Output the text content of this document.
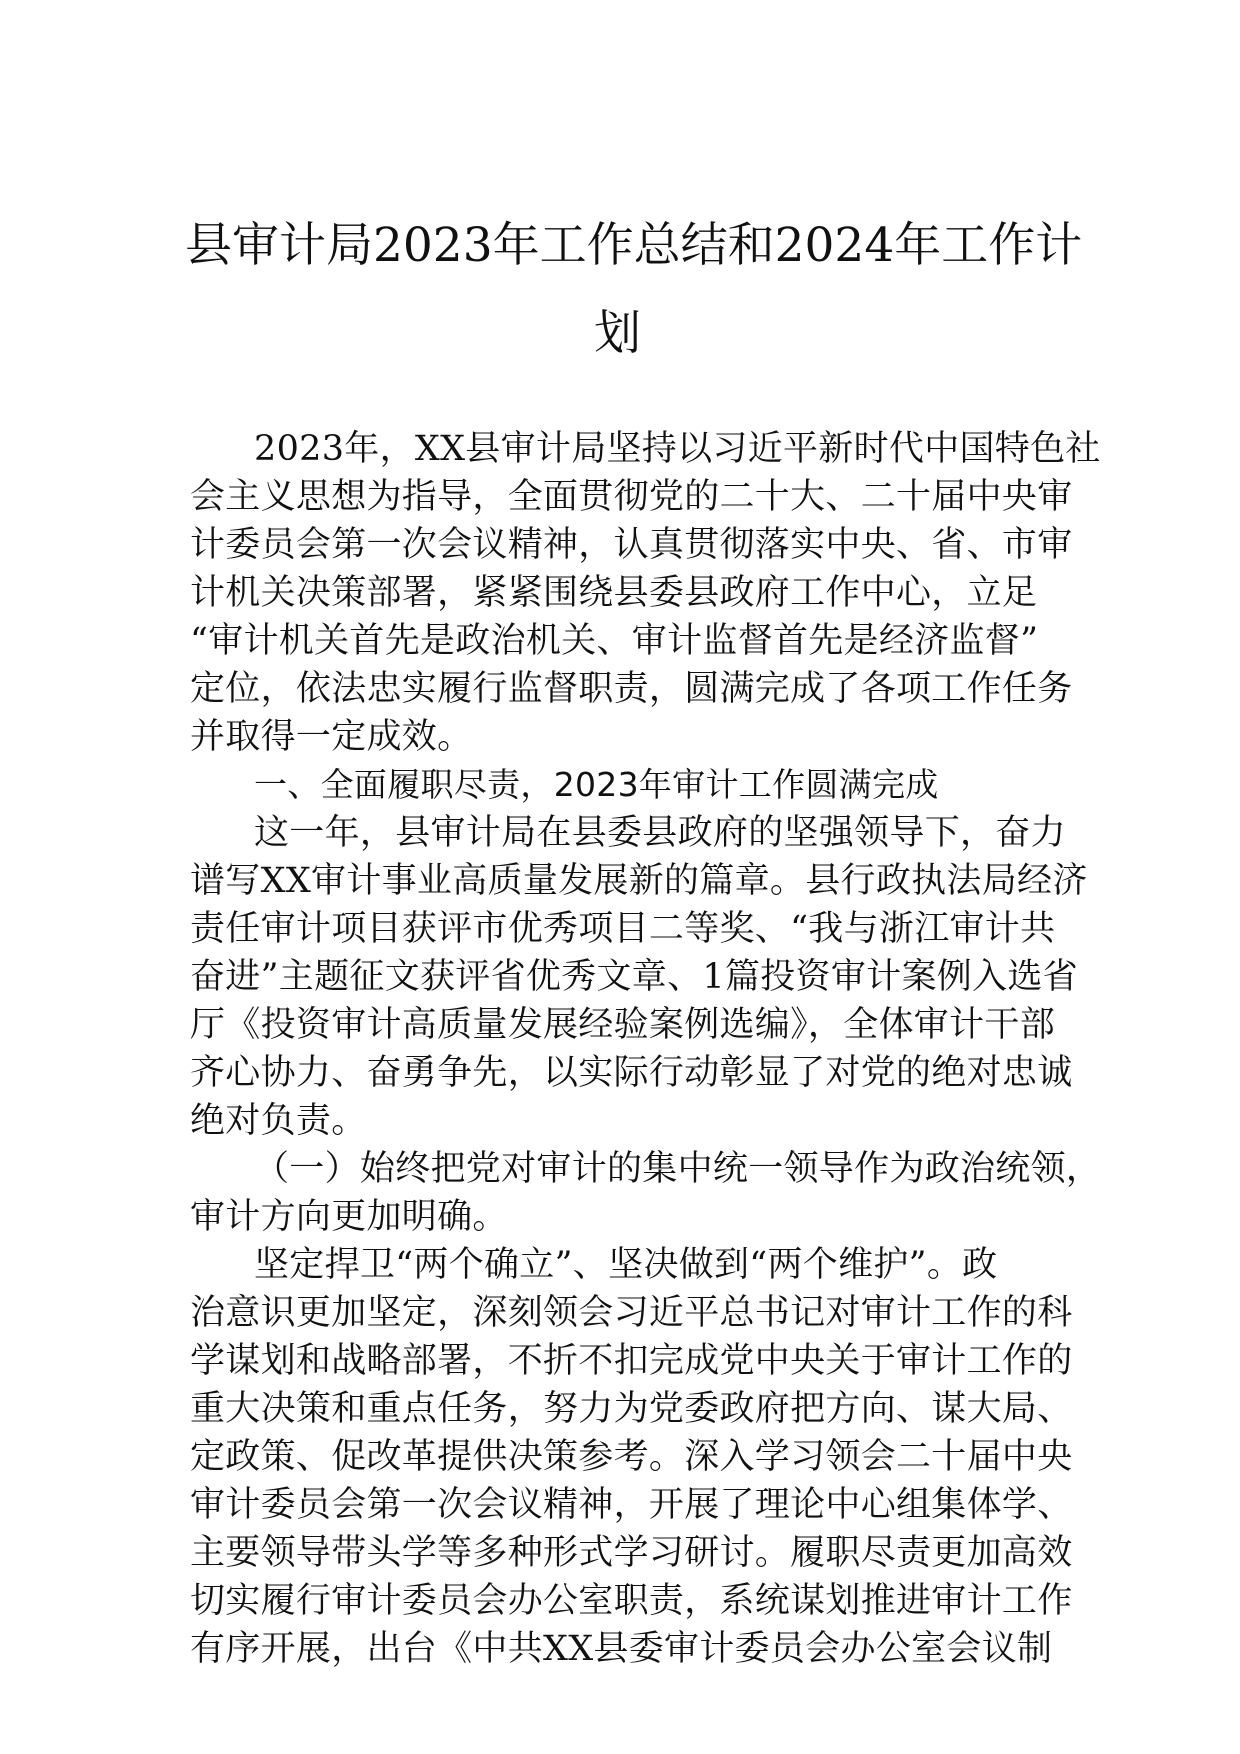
县审计局2023年工作总结和2024年工作计
划
2023年，XX县审计局坚持以习近平新时代中国特色社
会主义思想为指导，全面贯彻党的二十大、二十届中央审
计委员会第一次会议精神，认真贯彻落实中央、省、市审
计机关决策部署，紧紧围绕县委县政府工作中心，立足
“审计机关首先是政治机关、审计监督首先是经济监督”
定位，依法忠实履行监督职责，圆满完成了各项工作任务
并取得一定成效。
一、全面履职尽责，2023年审计工作圆满完成
这一年，县审计局在县委县政府的坚强领导下，奋力
谱写XX审计事业高质量发展新的篇章。县行政执法局经济
责任审计项目获评市优秀项目二等奖、“我与浙江审计共
奋进”主题征文获评省优秀文章、1篇投资审计案例入选省
厅《投资审计高质量发展经验案例选编》，全体审计干部
齐心协力、奋勇争先，以实际行动彰显了对党的绝对忠诚
绝对负责。
（一）始终把党对审计的集中统一领导作为政治统领，
审计方向更加明确。
坚定捍卫“两个确立”、坚决做到“两个维护”。政
治意识更加坚定，深刻领会习近平总书记对审计工作的科
学谋划和战略部署，不折不扣完成党中央关于审计工作的
重大决策和重点任务，努力为党委政府把方向、谋大局、
定政策、促改革提供决策参考。深入学习领会二十届中央
审计委员会第一次会议精神，开展了理论中心组集体学、
主要领导带头学等多种形式学习研讨。履职尽责更加高效
切实履行审计委员会办公室职责，系统谋划推进审计工作
有序开展，出台《中共XX县委审计委员会办公室会议制
